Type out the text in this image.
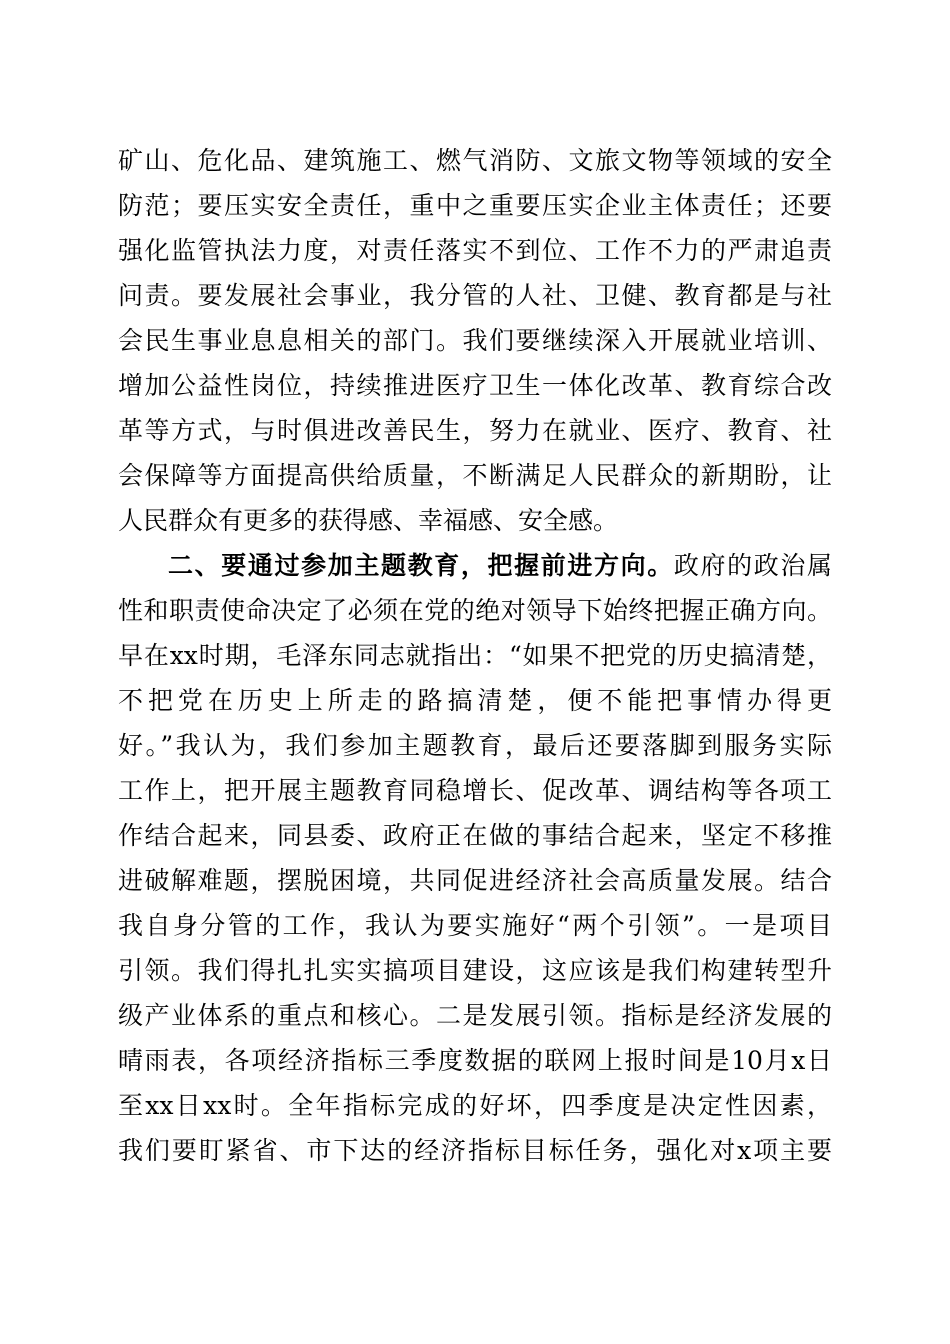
矿山、危化品、建筑施工、燃气消防、文旅文物等领域的安全
防范；要压实安全责任，重中之重要压实企业主体责任；还要
强化监管执法力度，对责任落实不到位、工作不力的严肃追责
问责。要发展社会事业，我分管的人社、卫健、教育都是与社
会民生事业息息相关的部门。我们要继续深入开展就业培训、
增加公益性岗位，持续推进医疗卫生一体化改革、教育综合改
革等方式，与时俱进改善民生，努力在就业、医疗、教育、社
会保障等方面提高供给质量，不断满足人民群众的新期盼，让
人民群众有更多的获得感、幸福感、安全感。
二、要通过参加主题教育，把握前进方向。政府的政治属
性和职责使命决定了必须在党的绝对领导下始终把握正确方向。
早在xx时期，毛泽东同志就指出：“如果不把党的历史搞清楚，
不把党在历史上所走的路搞清楚，便不能把事情办得更
好。”我认为，我们参加主题教育，最后还要落脚到服务实际
工作上，把开展主题教育同稳增长、促改革、调结构等各项工
作结合起来，同县委、政府正在做的事结合起来，坚定不移推
进破解难题，摆脱困境，共同促进经济社会高质量发展。结合
我自身分管的工作，我认为要实施好“两个引领”。一是项目
引领。我们得扎扎实实搞项目建设，这应该是我们构建转型升
级产业体系的重点和核心。二是发展引领。指标是经济发展的
晴雨表，各项经济指标三季度数据的联网上报时间是10月x日
至xx日xx时。全年指标完成的好坏，四季度是决定性因素，
我们要盯紧省、市下达的经济指标目标任务，强化对x项主要
